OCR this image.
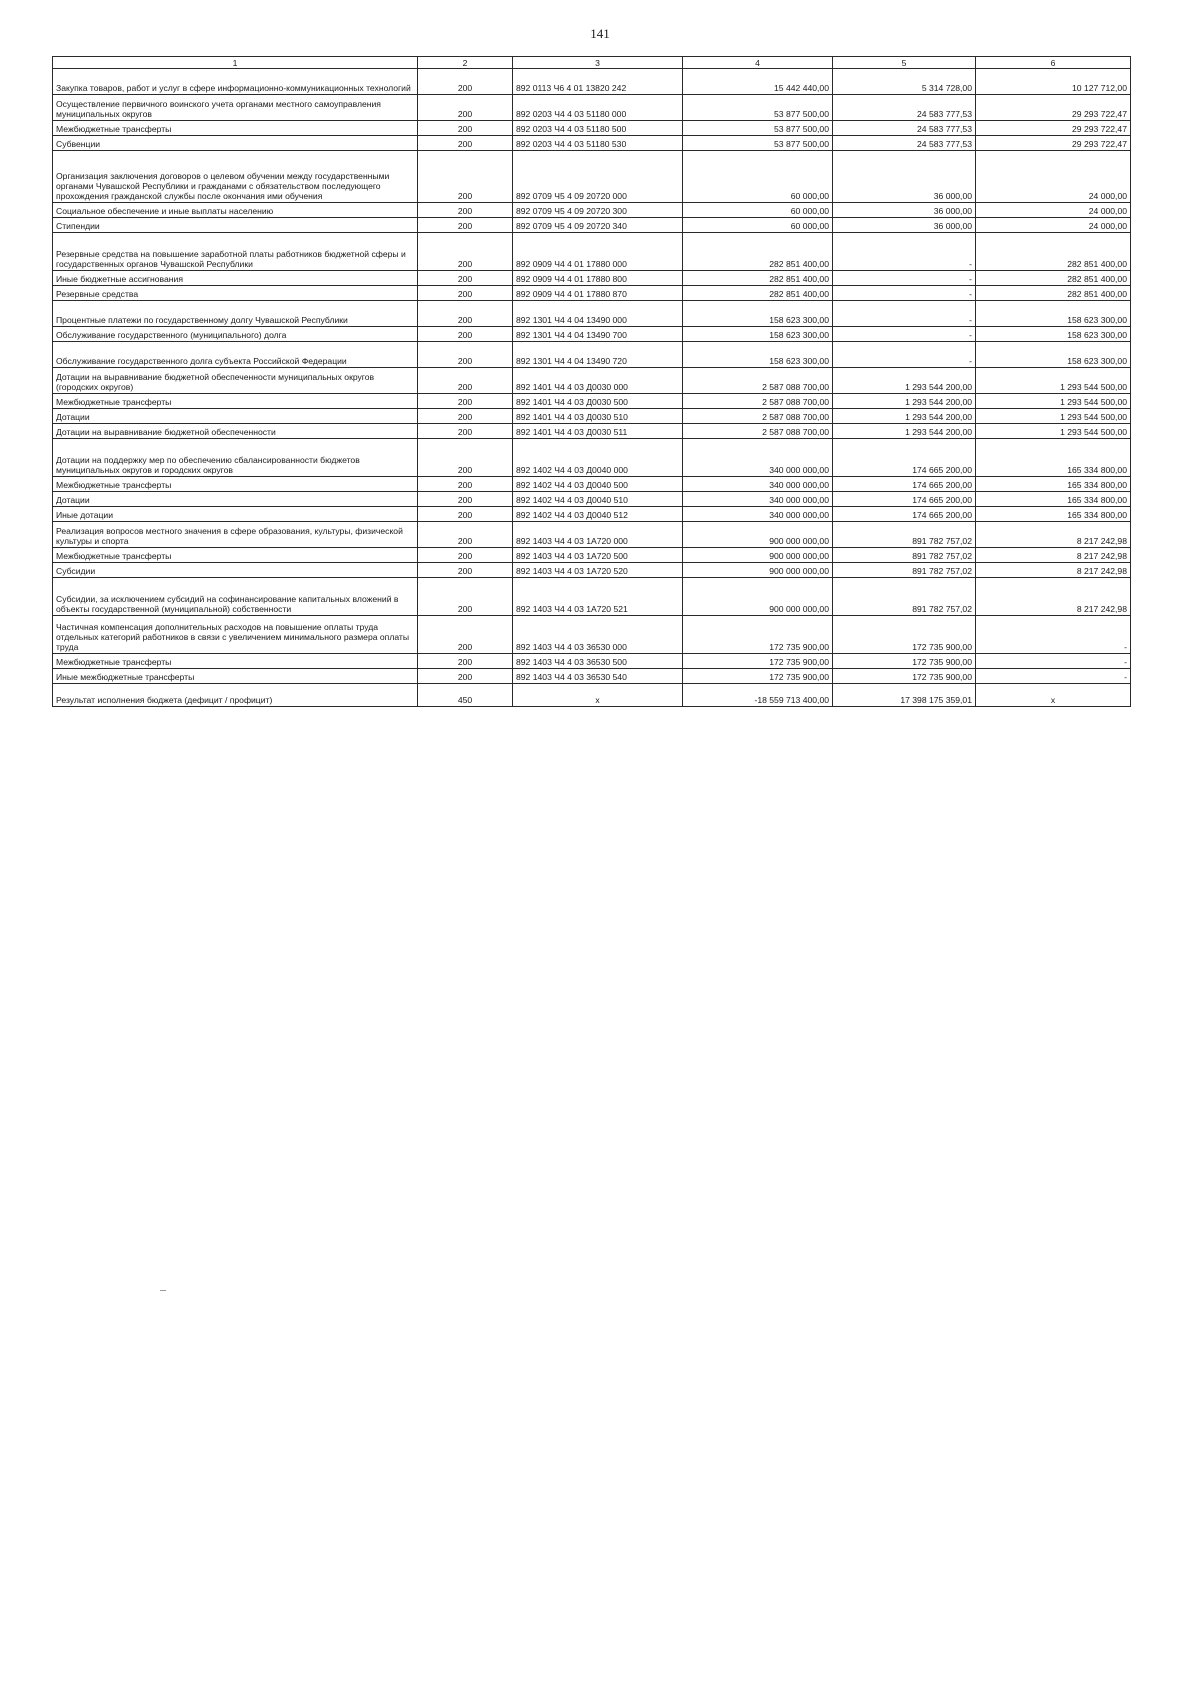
141
1	2	3	4	5	6
Закупка товаров, работ и услуг в сфере информационно-коммуникационных технологий	200	892 0113 Ч6 4 01 13820 242	15 442 440,00	5 314 728,00	10 127 712,00
Осуществление первичного воинского учета органами местного самоуправления муниципальных округов	200	892 0203 Ч4 4 03 51180 000	53 877 500,00	24 583 777,53	29 293 722,47
Межбюджетные трансферты	200	892 0203 Ч4 4 03 51180 500	53 877 500,00	24 583 777,53	29 293 722,47
Субвенции	200	892 0203 Ч4 4 03 51180 530	53 877 500,00	24 583 777,53	29 293 722,47
Организация заключения договоров о целевом обучении между государственными органами Чувашской Республики и гражданами с обязательством последующего прохождения гражданской службы после окончания ими обучения	200	892 0709 Ч5 4 09 20720 000	60 000,00	36 000,00	24 000,00
Социальное обеспечение и иные выплаты населению	200	892 0709 Ч5 4 09 20720 300	60 000,00	36 000,00	24 000,00
Стипендии	200	892 0709 Ч5 4 09 20720 340	60 000,00	36 000,00	24 000,00
Резервные средства на повышение заработной платы работников бюджетной сферы и государственных органов Чувашской Республики	200	892 0909 Ч4 4 01 17880 000	282 851 400,00	-	282 851 400,00
Иные бюджетные ассигнования	200	892 0909 Ч4 4 01 17880 800	282 851 400,00	-	282 851 400,00
Резервные средства	200	892 0909 Ч4 4 01 17880 870	282 851 400,00	-	282 851 400,00
Процентные платежи по государственному долгу Чувашской Республики	200	892 1301 Ч4 4 04 13490 000	158 623 300,00	-	158 623 300,00
Обслуживание государственного (муниципального) долга	200	892 1301 Ч4 4 04 13490 700	158 623 300,00	-	158 623 300,00
Обслуживание государственного долга субъекта Российской Федерации	200	892 1301 Ч4 4 04 13490 720	158 623 300,00	-	158 623 300,00
Дотации на выравнивание бюджетной обеспеченности муниципальных округов (городских округов)	200	892 1401 Ч4 4 03 Д0030 000	2 587 088 700,00	1 293 544 200,00	1 293 544 500,00
Межбюджетные трансферты	200	892 1401 Ч4 4 03 Д0030 500	2 587 088 700,00	1 293 544 200,00	1 293 544 500,00
Дотации	200	892 1401 Ч4 4 03 Д0030 510	2 587 088 700,00	1 293 544 200,00	1 293 544 500,00
Дотации на выравнивание бюджетной обеспеченности	200	892 1401 Ч4 4 03 Д0030 511	2 587 088 700,00	1 293 544 200,00	1 293 544 500,00
Дотации на поддержку мер по обеспечению сбалансированности бюджетов муниципальных округов и городских округов	200	892 1402 Ч4 4 03 Д0040 000	340 000 000,00	174 665 200,00	165 334 800,00
Межбюджетные трансферты	200	892 1402 Ч4 4 03 Д0040 500	340 000 000,00	174 665 200,00	165 334 800,00
Дотации	200	892 1402 Ч4 4 03 Д0040 510	340 000 000,00	174 665 200,00	165 334 800,00
Иные дотации	200	892 1402 Ч4 4 03 Д0040 512	340 000 000,00	174 665 200,00	165 334 800,00
Реализация вопросов местного значения в сфере образования, культуры, физической культуры и спорта	200	892 1403 Ч4 4 03 1А720 000	900 000 000,00	891 782 757,02	8 217 242,98
Межбюджетные трансферты	200	892 1403 Ч4 4 03 1А720 500	900 000 000,00	891 782 757,02	8 217 242,98
Субсидии	200	892 1403 Ч4 4 03 1А720 520	900 000 000,00	891 782 757,02	8 217 242,98
Субсидии, за исключением субсидий на софинансирование капитальных вложений в объекты государственной (муниципальной) собственности	200	892 1403 Ч4 4 03 1А720 521	900 000 000,00	891 782 757,02	8 217 242,98
Частичная компенсация дополнительных расходов на повышение оплаты труда отдельных категорий работников в связи с увеличением минимального размера оплаты труда	200	892 1403 Ч4 4 03 36530 000	172 735 900,00	172 735 900,00	-
Межбюджетные трансферты	200	892 1403 Ч4 4 03 36530 500	172 735 900,00	172 735 900,00	-
Иные межбюджетные трансферты	200	892 1403 Ч4 4 03 36530 540	172 735 900,00	172 735 900,00	-
Результат исполнения бюджета (дефицит / профицит)	450	x	-18 559 713 400,00	17 398 175 359,01	x
